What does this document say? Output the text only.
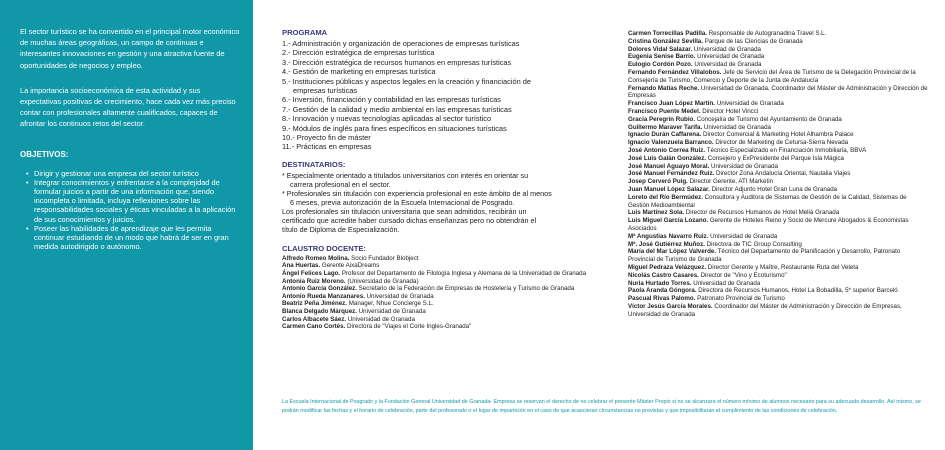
El sector turístico se ha convertido en el principal motor económico de muchas áreas geográficas, un campo de continuas e interesantes innovaciones en gestión y una atractiva fuente de oportunidades de negocios y empleo.

La importancia socioeconómica de esta actividad y sus expectativas positivas de crecimiento, hace cada vez más preciso contar con profesionales altamente cualificados, capaces de afrontar los continuos retos del sector.

OBJETIVOS:
• Dirigir y gestionar una empresa del sector turístico
• Integrar conocimientos y enfrentarse a la complejidad de formular juicios a partir de una información que, siendo incompleta o limitada, incluya reflexiones sobre las responsabilidades sociales y éticas vinculadas a la aplicación de sus conocimientos y juicios.
• Poseer las habilidades de aprendizaje que les permita continuar estudiando de un modo que habrá de ser en gran medida autodirigido o autónomo.
PROGRAMA
1.- Administración y organización de operaciones de empresas turísticas
2.- Dirección estratégica de empresas turística
3.- Dirección estratégica de recursos humanos en empresas turísticas
4.- Gestión de marketing en empresas turística
5.- Instituciones públicas y aspectos legales en la creación y financiación de
empresas turísticas
6.- Inversión, financiación y contabilidad en las empresas turísticas
7.- Gestión de la calidad y medio ambiental en las empresas turísticas
8.- Innovación y nuevas tecnologías aplicadas al sector turístico
9.- Módulos de inglés para fines específicos en situaciones turísticas
10.- Proyecto fin de máster
11.- Prácticas en empresas
DESTINATARIOS:
* Especialmente orientado a titulados universitarios con interés en orientar su
carrera profesional en el sector.
* Profesionales sin titulación con experiencia profesional en este ámbito de al menos
6 meses, previa autorización de la Escuela Internacional de Posgrado.
Los profesionales sin titulación universitaria que sean admitidos, recibirán un
certificado que acredite haber cursado dichas enseñanzas pero no obtendrán el
título de Diploma de Especialización.
CLAUSTRO DOCENTE:
Alfredo Romeo Molina. Socio Fundador Blobject
Ana Huertas. Gerente AixaDreams
Ángel Felices Lago. Profesor del Departamento de Filología Inglesa y Alemana de la Universidad de Granada
Antonia Ruiz Moreno. (Universidad de Granada)
Antonio García González. Secretario de la Federación de Empresas de Hostelería y Turismo de Granada
Antonio Rueda Manzanares. Universidad de Granada
Beatriz Peña Jiménez. Manager, Nhue Concierge S.L.
Blanca Delgado Márquez. Universidad de Granada
Carlos Albacete Sáez. Universidad de Granada
Carmen Cano Cortés. Directora de "Viajes el Corte Ingles-Granada"
Carmen Torrecillas Padilla. Responsable de Autogranadina Travel S.L.
Cristina González Sevilla. Parque de las Ciencias de Granada
Dolores Vidal Salazar. Universidad de Granada
Eugenia Senise Barrio. Universidad de Granada
Eulogio Cordón Pozo. Universidad de Granada
Fernando Fernández Villalobos. Jefe de Servicio del Área de Turismo de la Delegación Provincial de la Consejería de Turismo, Comercio y Deporte de la Junta de Andalucía
Fernando Matías Reche. Universidad de Granada, Coordinador del Máster de Administración y Dirección de Empresas
Francisco Juan López Martín. Universidad de Granada
Francisco Puente Medel. Director Hotel Vincci
Gracia Peregrín Rubio. Concejalía de Turismo del Ayuntamiento de Granada
Guillermo Maraver Tarifa. Universidad de Granada
Ignacio Durán Caffarena. Director Comercial & Marketing Hotel Alhambra Palace
Ignacio Valenzuela Barranco. Director de Marketing de Cetursa-Sierra Nevada
José Antonio Correa Ruiz. Técnico Especializado en Financiación Inmobiliaria, BBVA
José Luis Galán González. Consejero y ExPresidente del Parque Isla Mágica
José Manuel Aguayo Moral. Universidad de Granada
José Manuel Fernández Ruiz. Director Zona Andalucía Oriental, Nautalia Viajes
Josep Cerveró Puig. Director Gerente, ATI Marketin
Juan Manuel López Salazar. Director Adjunto Hotel Gran Luna de Granada
Loreto del Río Bermúdez. Consultora y Auditora de Sistemas de Gestión de la Calidad, Sistemas de Gestión Medioambiental
Luis Martínez Sola. Director de Recursos Humanos de Hotel Meliá Granada
Luis Miguel García Lozano. Gerente de Hoteles Reino y Socio de Mercure Abogados & Economistas Asociados
Mª Angustias Navarro Ruiz. Universidad de Granada
Mª. José Gutiérrez Muñoz. Directora de TIC Group Consulting
María del Mar López Valverde. Técnico del Departamento de Planificación y Desarrollo, Patronato Provincial de Turismo de Granada
Miguel Pedraza Velázquez. Director Gerente y Maître, Restaurante Ruta del Veleta
Nicolás Castro Casares. Director de "Vino y Ecoturismo"
Nuria Hurtado Torres. Universidad de Granada
Paola Aranda Góngora. Directora de Recursos Humanos, Hotel La Bobadilla, 5* superior Barceló
Pascual Rivas Palomo. Patronato Provincial de Turismo
Víctor Jesús García Morales. Coordinador del Máster de Administración y Dirección de Empresas, Universidad de Granada
La Escuela Internacional de Posgrado y la Fundación General Universidad de Granada- Empresa se reservan el derecho de no celebrar el presente Máster Propio si no se alcanzara el número mínimo de alumnos necesario para su adecuado desarrollo. Así mismo, se podrán modificar las fechas y el horario de celebración, parte del profesorado o el lugar de impartición en el caso de que acaecieran circunstancias no previstas y que imposibilitaran el cumplimiento de las condiciones de celebración.
